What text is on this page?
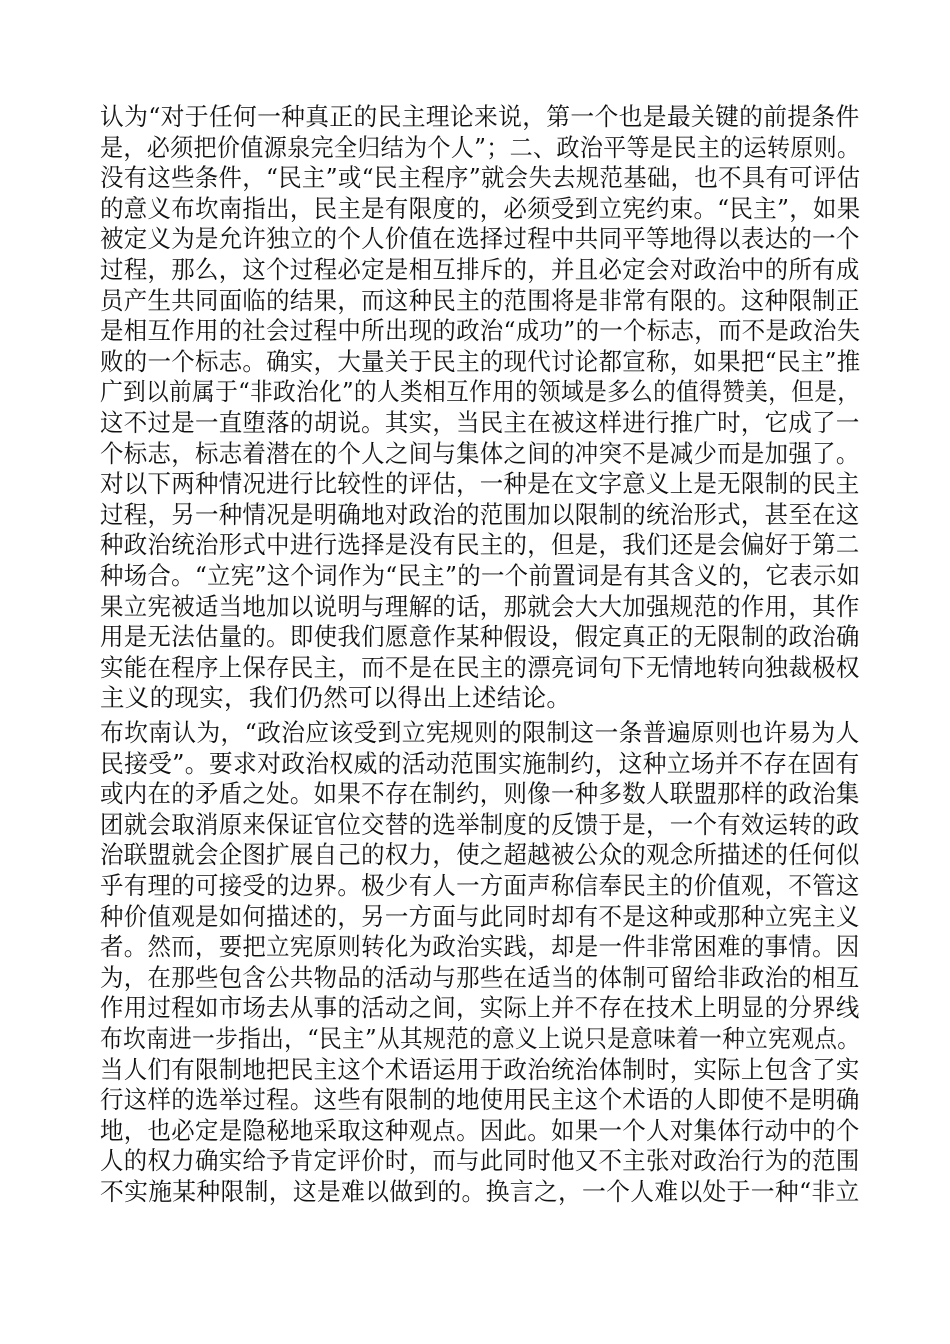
认为“对于任何一种真正的民主理论来说，第一个也是最关键的前提条件
是，必须把价值源泉完全归结为个人”；二、政治平等是民主的运转原则。
没有这些条件，“民主”或“民主程序”就会失去规范基础，也不具有可评估
的意义布坎南指出，民主是有限度的，必须受到立宪约束。“民主”，如果
被定义为是允许独立的个人价值在选择过程中共同平等地得以表达的一个
过程，那么，这个过程必定是相互排斥的，并且必定会对政治中的所有成
员产生共同面临的结果，而这种民主的范围将是非常有限的。这种限制正
是相互作用的社会过程中所出现的政治“成功”的一个标志，而不是政治失
败的一个标志。确实，大量关于民主的现代讨论都宣称，如果把“民主”推
广到以前属于“非政治化”的人类相互作用的领域是多么的值得赞美，但是，
这不过是一直堕落的胡说。其实，当民主在被这样进行推广时，它成了一
个标志，标志着潜在的个人之间与集体之间的冲突不是减少而是加强了。
对以下两种情况进行比较性的评估，一种是在文字意义上是无限制的民主
过程，另一种情况是明确地对政治的范围加以限制的统治形式，甚至在这
种政治统治形式中进行选择是没有民主的，但是，我们还是会偏好于第二
种场合。“立宪”这个词作为“民主”的一个前置词是有其含义的，它表示如
果立宪被适当地加以说明与理解的话，那就会大大加强规范的作用，其作
用是无法估量的。即使我们愿意作某种假设，假定真正的无限制的政治确
实能在程序上保存民主，而不是在民主的漂亮词句下无情地转向独裁极权
主义的现实，我们仍然可以得出上述结论。
布坎南认为，“政治应该受到立宪规则的限制这一条普遍原则也许易为人
民接受”。要求对政治权威的活动范围实施制约，这种立场并不存在固有
或内在的矛盾之处。如果不存在制约，则像一种多数人联盟那样的政治集
团就会取消原来保证官位交替的选举制度的反馈于是，一个有效运转的政
治联盟就会企图扩展自己的权力，使之超越被公众的观念所描述的任何似
乎有理的可接受的边界。极少有人一方面声称信奉民主的价值观，不管这
种价值观是如何描述的，另一方面与此同时却有不是这种或那种立宪主义
者。然而，要把立宪原则转化为政治实践，却是一件非常困难的事情。因
为，在那些包含公共物品的活动与那些在适当的体制可留给非政治的相互
作用过程如市场去从事的活动之间，实际上并不存在技术上明显的分界线
布坎南进一步指出，“民主”从其规范的意义上说只是意味着一种立宪观点。
当人们有限制地把民主这个术语运用于政治统治体制时，实际上包含了实
行这样的选举过程。这些有限制的地使用民主这个术语的人即使不是明确
地，也必定是隐秘地采取这种观点。因此。如果一个人对集体行动中的个
人的权力确实给予肯定评价时，而与此同时他又不主张对政治行为的范围
不实施某种限制，这是难以做到的。换言之，一个人难以处于一种“非立
